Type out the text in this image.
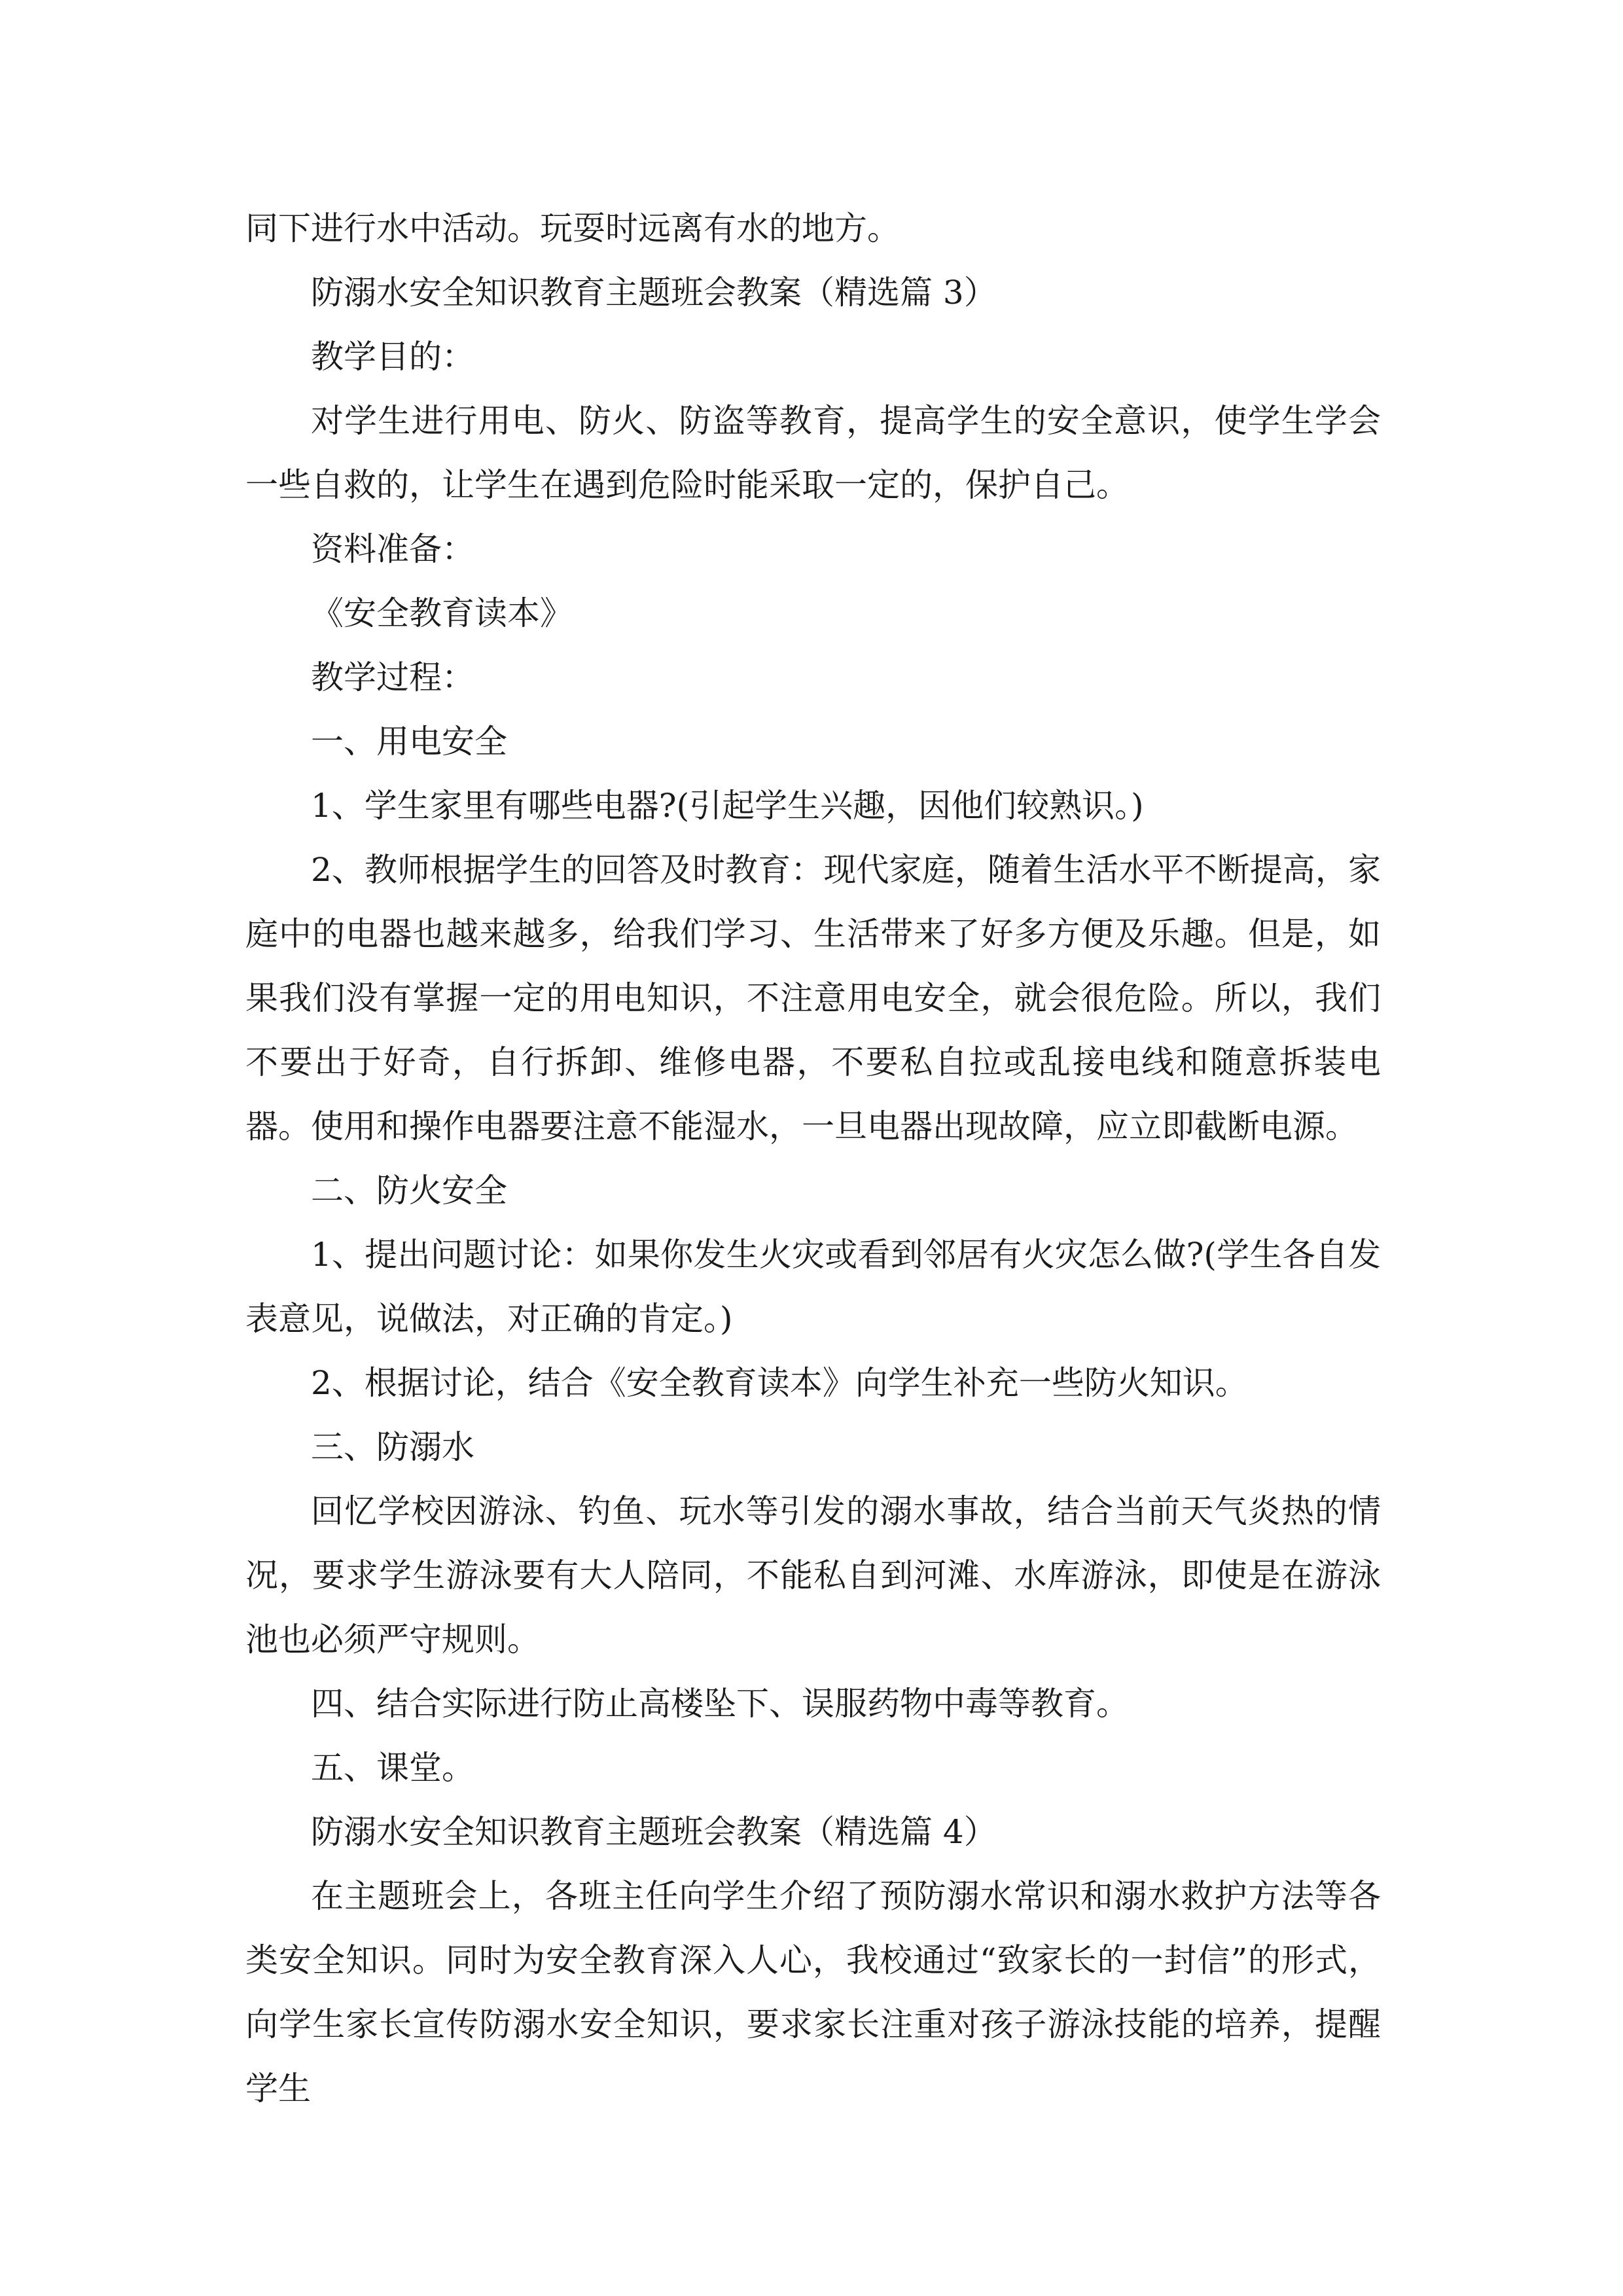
同下进行水中活动。玩耍时远离有水的地方。

防溺水安全知识教育主题班会教案（精选篇 3）

教学目的：

对学生进行用电、防火、防盗等教育，提高学生的安全意识，使学生学会一些自救的，让学生在遇到危险时能采取一定的，保护自己。

资料准备：

《安全教育读本》

教学过程：

一、用电安全

1、学生家里有哪些电器?(引起学生兴趣，因他们较熟识。)

2、教师根据学生的回答及时教育：现代家庭，随着生活水平不断提高，家庭中的电器也越来越多，给我们学习、生活带来了好多方便及乐趣。但是，如果我们没有掌握一定的用电知识，不注意用电安全，就会很危险。所以，我们不要出于好奇，自行拆卸、维修电器，不要私自拉或乱接电线和随意拆装电器。使用和操作电器要注意不能湿水，一旦电器出现故障，应立即截断电源。

二、防火安全

1、提出问题讨论：如果你发生火灾或看到邻居有火灾怎么做?(学生各自发表意见，说做法，对正确的肯定。)

2、根据讨论，结合《安全教育读本》向学生补充一些防火知识。

三、防溺水

回忆学校因游泳、钓鱼、玩水等引发的溺水事故，结合当前天气炎热的情况，要求学生游泳要有大人陪同，不能私自到河滩、水库游泳，即使是在游泳池也必须严守规则。

四、结合实际进行防止高楼坠下、误服药物中毒等教育。

五、课堂。

防溺水安全知识教育主题班会教案（精选篇 4）

在主题班会上，各班主任向学生介绍了预防溺水常识和溺水救护方法等各类安全知识。同时为安全教育深入人心，我校通过“致家长的一封信”的形式，向学生家长宣传防溺水安全知识，要求家长注重对孩子游泳技能的培养，提醒学生
